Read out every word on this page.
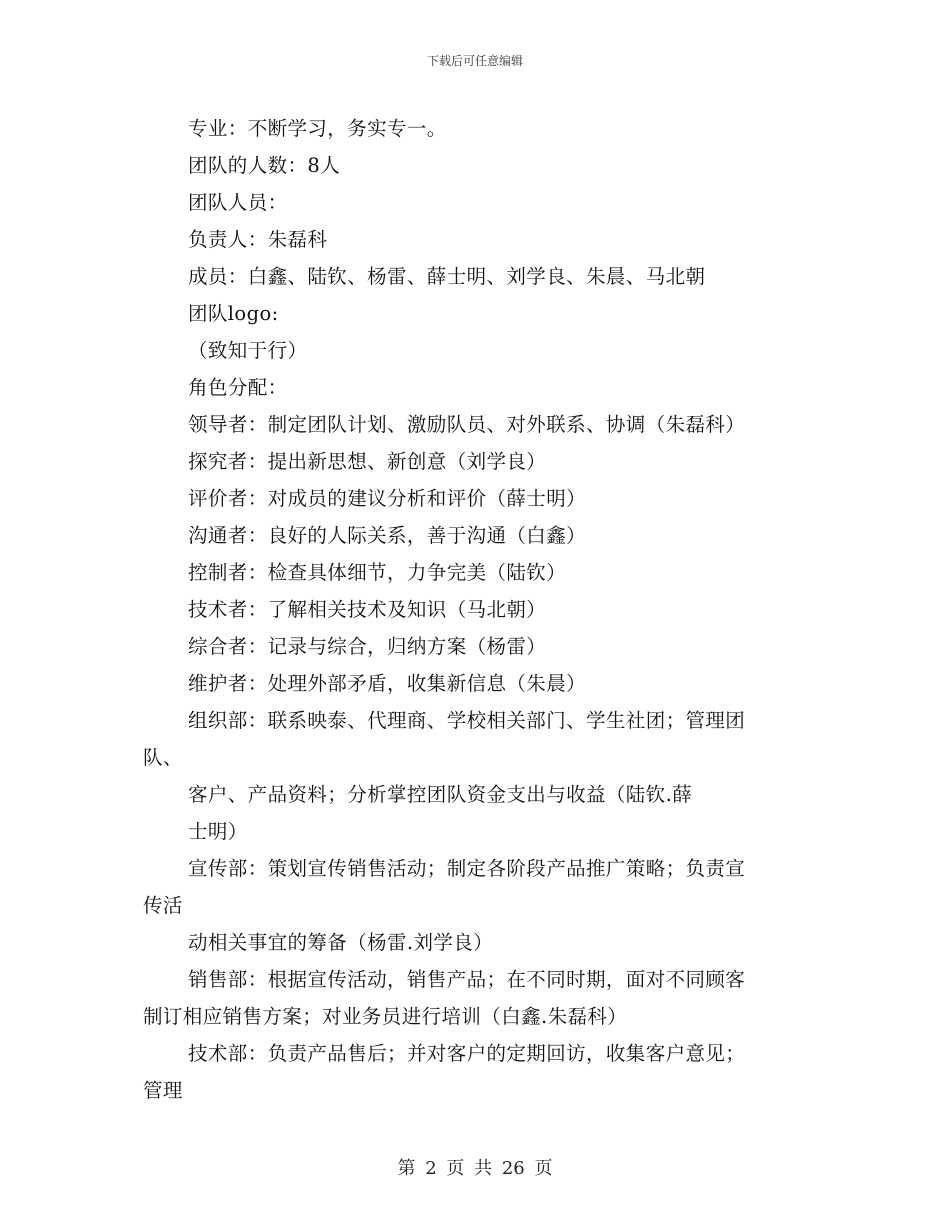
下载后可任意编辑
专业：不断学习，务实专一。
团队的人数：8人
团队人员：
负责人：朱磊科
成员：白鑫、陆钦、杨雷、薛士明、刘学良、朱晨、马北朝
团队logo:
（致知于行）
角色分配：
领导者：制定团队计划、激励队员、对外联系、协调（朱磊科）
探究者：提出新思想、新创意（刘学良）
评价者：对成员的建议分析和评价（薛士明）
沟通者：良好的人际关系，善于沟通（白鑫）
控制者：检查具体细节，力争完美（陆钦）
技术者：了解相关技术及知识（马北朝）
综合者：记录与综合，归纳方案（杨雷）
维护者：处理外部矛盾，收集新信息（朱晨）
组织部：联系映泰、代理商、学校相关部门、学生社团；管理团
队、
客户、产品资料；分析掌控团队资金支出与收益（陆钦.薛
士明）
宣传部：策划宣传销售活动；制定各阶段产品推广策略；负责宣
传活
动相关事宜的筹备（杨雷.刘学良）
销售部：根据宣传活动，销售产品；在不同时期，面对不同顾客
制订相应销售方案；对业务员进行培训（白鑫.朱磊科）
技术部：负责产品售后；并对客户的定期回访，收集客户意见；
管理
第 2 页 共 26 页
